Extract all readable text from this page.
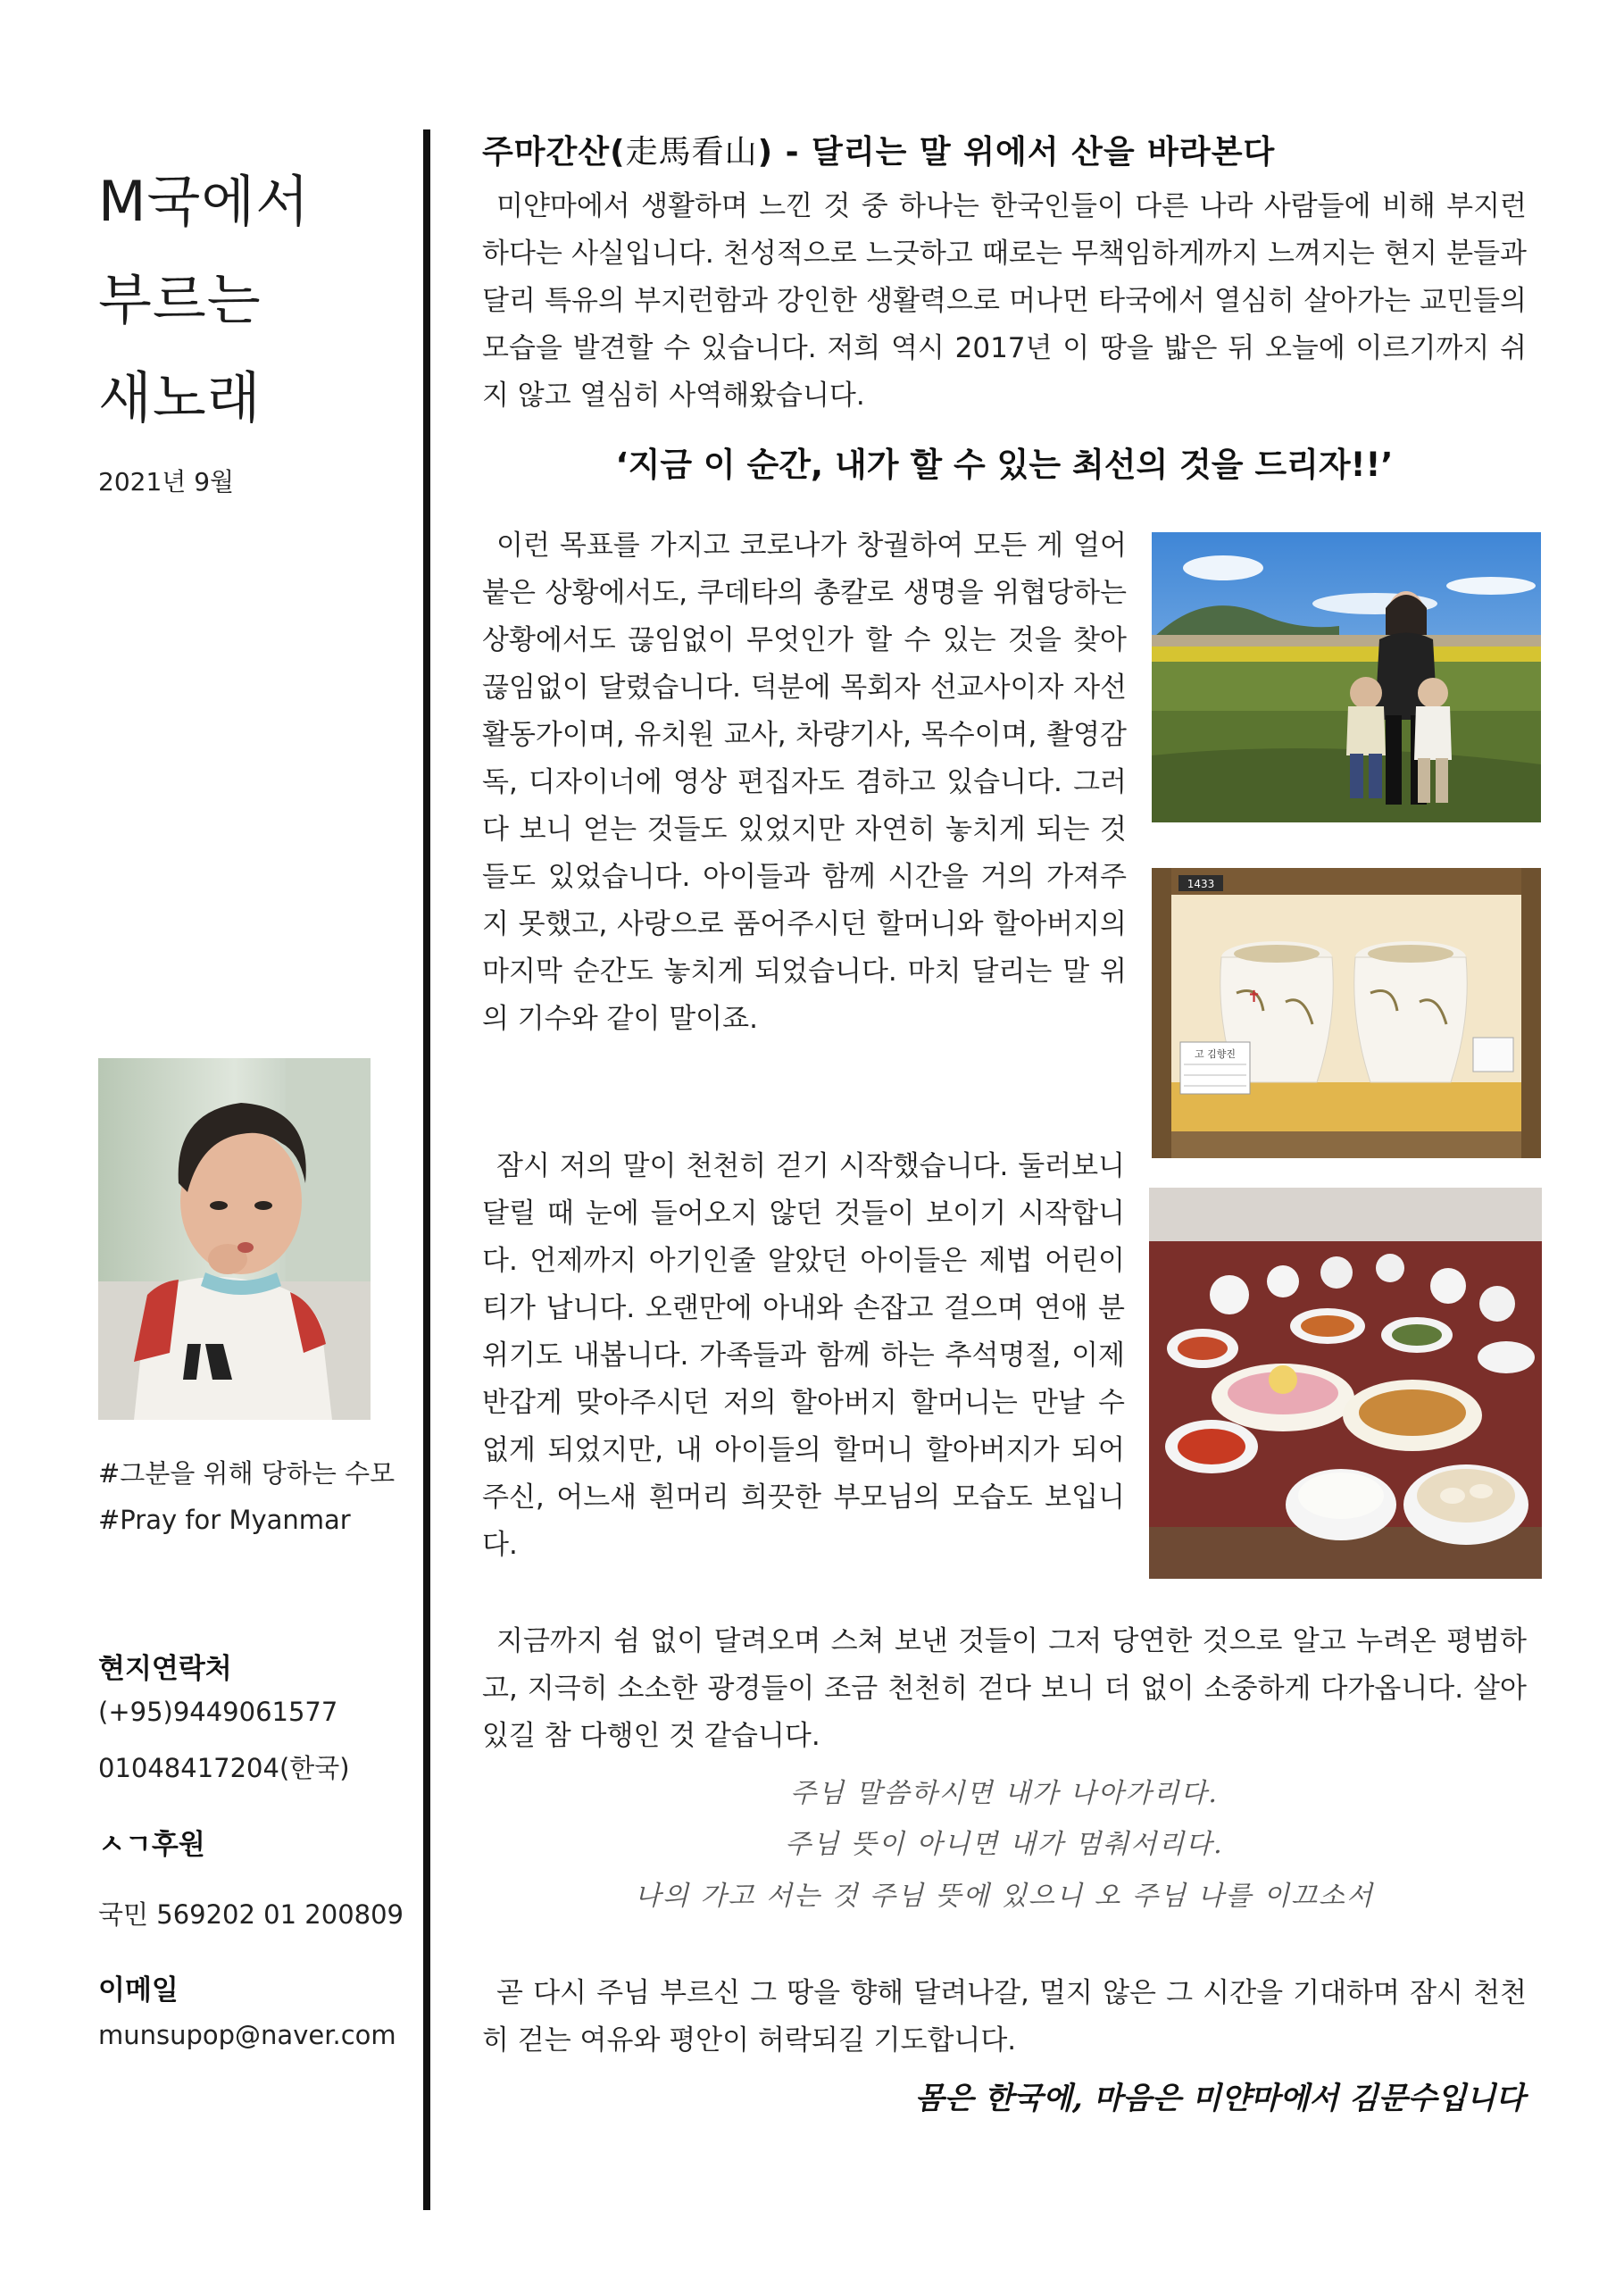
M국에서
부르는
새노래
2021년 9월
#그분을 위해 당하는 수모
#Pray for Myanmar
현지연락처
(+95)9449061577
01048417204(한국)
ㅅㄱ후원
국민 569202 01 200809
이메일
munsupop@naver.com
주마간산(走馬看山) - 달리는 말 위에서 산을 바라본다
미얀마에서 생활하며 느낀 것 중 하나는 한국인들이 다른 나라 사람들에 비해 부지런하다는 사실입니다. 천성적으로 느긋하고 때로는 무책임하게까지 느껴지는 현지 분들과 달리 특유의 부지런함과 강인한 생활력으로 머나먼 타국에서 열심히 살아가는 교민들의 모습을 발견할 수 있습니다. 저희 역시 2017년 이 땅을 밟은 뒤 오늘에 이르기까지 쉬지 않고 열심히 사역해왔습니다.
‘지금 이 순간, 내가 할 수 있는 최선의 것을 드리자!!’
이런 목표를 가지고 코로나가 창궐하여 모든 게 얼어붙은 상황에서도, 쿠데타의 총칼로 생명을 위협당하는 상황에서도 끊임없이 무엇인가 할 수 있는 것을 찾아 끊임없이 달렸습니다. 덕분에 목회자 선교사이자 자선활동가이며, 유치원 교사, 차량기사, 목수이며, 촬영감독, 디자이너에 영상 편집자도 겸하고 있습니다. 그러다 보니 얻는 것들도 있었지만 자연히 놓치게 되는 것들도 있었습니다. 아이들과 함께 시간을 거의 가져주지 못했고, 사랑으로 품어주시던 할머니와 할아버지의 마지막 순간도 놓치게 되었습니다. 마치 달리는 말 위의 기수와 같이 말이죠.
1433
✝
고 김향진
잠시 저의 말이 천천히 걷기 시작했습니다. 둘러보니 달릴 때 눈에 들어오지 않던 것들이 보이기 시작합니다. 언제까지 아기인줄 알았던 아이들은 제법 어린이 티가 납니다. 오랜만에 아내와 손잡고 걸으며 연애 분위기도 내봅니다. 가족들과 함께 하는 추석명절, 이제 반갑게 맞아주시던 저의 할아버지 할머니는 만날 수 없게 되었지만, 내 아이들의 할머니 할아버지가 되어주신, 어느새 흰머리 희끗한 부모님의 모습도 보입니다.
지금까지 쉼 없이 달려오며 스쳐 보낸 것들이 그저 당연한 것으로 알고 누려온 평범하고, 지극히 소소한 광경들이 조금 천천히 걷다 보니 더 없이 소중하게 다가옵니다. 살아있길 참 다행인 것 같습니다.
주님 말씀하시면 내가 나아가리다.
주님 뜻이 아니면 내가 멈춰서리다.
나의 가고 서는 것 주님 뜻에 있으니 오 주님 나를 이끄소서
곧 다시 주님 부르신 그 땅을 향해 달려나갈, 멀지 않은 그 시간을 기대하며 잠시 천천히 걷는 여유와 평안이 허락되길 기도합니다.
몸은 한국에, 마음은 미얀마에서 김문수입니다
